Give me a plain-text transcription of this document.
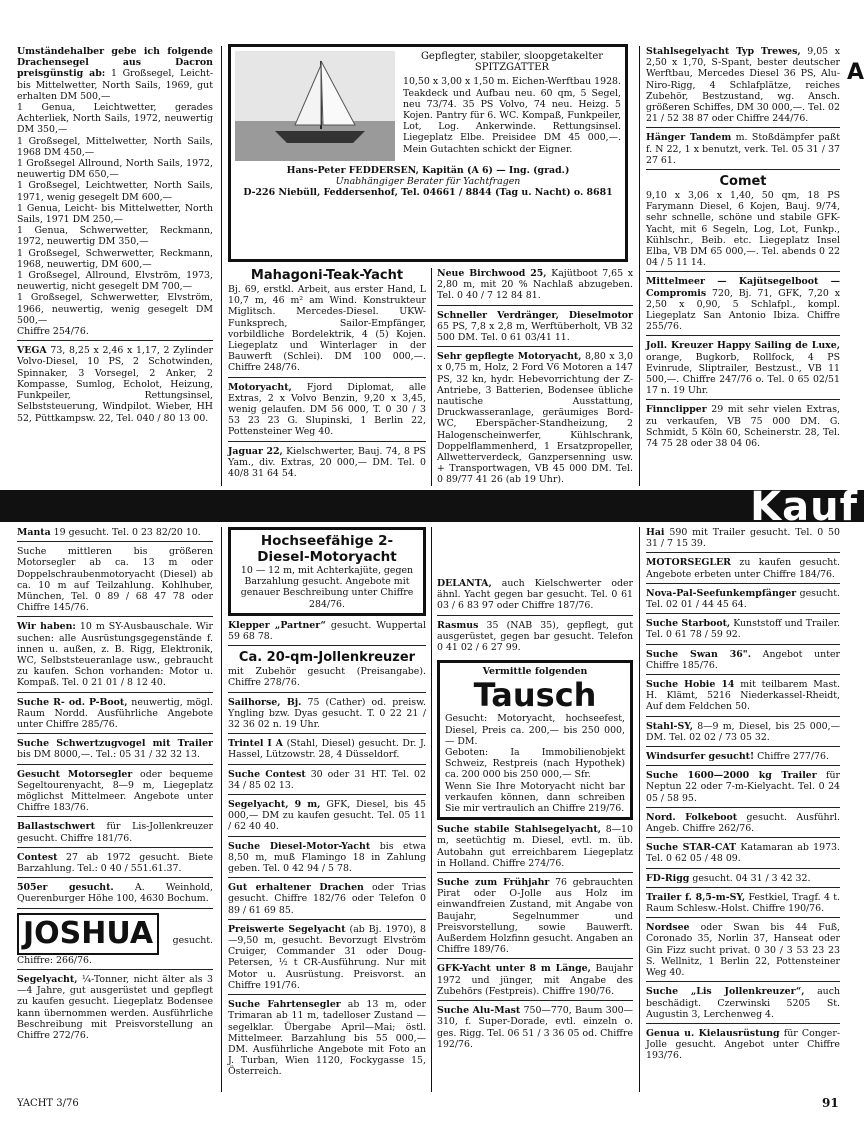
Umständehalber gebe ich folgende Drachensegel aus Dacron preisgünstig ab: 1 Großsegel, Leicht- bis Mittelwetter, North Sails, 1969, gut erhalten DM 500,—
1 Genua, Leichtwetter, gerades Achterliek, North Sails, 1972, neuwertig DM 350,—
1 Großsegel, Mittelwetter, North Sails, 1968 DM 450,—
1 Großsegel Allround, North Sails, 1972, neuwertig DM 650,—
1 Großsegel, Leichtwetter, North Sails, 1971, wenig gesegelt DM 600,—
1 Genua, Leicht- bis Mittelwetter, North Sails, 1971 DM 250,—
1 Genua, Schwerwetter, Reckmann, 1972, neuwertig DM 350,—
1 Großsegel, Schwerwetter, Reckmann, 1968, neuwertig, DM 600,—
1 Großsegel, Allround, Elvström, 1973, neuwertig, nicht gesegelt DM 700,—
1 Großsegel, Schwerwetter, Elvström, 1966, neuwertig, wenig gesegelt DM 500,—
Chiffre 254/76.
VEGA 73, 8,25 x 2,46 x 1,17, 2 Zylinder Volvo-Diesel, 10 PS, 2 Schotwinden, Spinnaker, 3 Vorsegel, 2 Anker, 2 Kompasse, Sumlog, Echolot, Heizung, Funkpeiler, Rettungsinsel, Selbststeuerung, Windpilot. Wieber, HH 52, Püttkampsw. 22, Tel. 040 / 80 13 00.
Gepflegter, stabiler, sloopgetakelter SPITZGATTER
10,50 x 3,00 x 1,50 m. Eichen-Werftbau 1928. Teakdeck und Aufbau neu. 60 qm, 5 Segel, neu 73/74. 35 PS Volvo, 74 neu. Heizg. 5 Kojen. Pantry für 6. WC. Kompaß, Funkpeiler, Lot, Log. Ankerwinde. Rettungsinsel. Liegeplatz Elbe. Preisidee DM 45 000,—. Mein Gutachten schickt der Eigner.
Hans-Peter FEDDERSEN, Kapitän (A 6) — Ing. (grad.)
Unabhängiger Berater für Yachtfragen
D-226 Niebüll, Feddersenhof, Tel. 04661 / 8844 (Tag u. Nacht) o. 8681
Mahagoni-Teak-Yacht
Bj. 69, erstkl. Arbeit, aus erster Hand, L 10,7 m, 46 m² am Wind. Konstrukteur Miglitsch. Mercedes-Diesel. UKW-Funksprech, Sailor-Empfänger, vorbildliche Bordelektrik, 4 (5) Kojen. Liegeplatz und Winterlager in der Bauwerft (Schlei). DM 100 000,—. Chiffre 248/76.
Motoryacht, Fjord Diplomat, alle Extras, 2 x Volvo Benzin, 9,20 x 3,45, wenig gelaufen. DM 56 000, T. 0 30 / 3 53 23 23 G. Slupinski, 1 Berlin 22, Pottensteiner Weg 40.
Jaguar 22, Kielschwerter, Bauj. 74, 8 PS Yam., div. Extras, 20 000,— DM. Tel. 0 40/8 31 64 54.
Neue Birchwood 25, Kajütboot 7,65 x 2,80 m, mit 20 % Nachlaß abzugeben. Tel. 0 40 / 7 12 84 81.
Schneller Verdränger, Dieselmotor 65 PS, 7,8 x 2,8 m, Werftüberholt, VB 32 500 DM. Tel. 0 61 03/41 11.
Sehr gepflegte Motoryacht, 8,80 x 3,0 x 0,75 m, Holz, 2 Ford V6 Motoren a 147 PS, 32 kn, hydr. Hebevorrichtung der Z-Antriebe, 3 Batterien, Bodensee übliche nautische Ausstattung, Druckwasseranlage, geräumiges Bord-WC, Eberspächer-Standheizung, 2 Halogenscheinwerfer, Kühlschrank, Doppelflammenherd, 1 Ersatzpropeller, Allwetterverdeck, Ganzpersenning usw. + Transportwagen, VB 45 000 DM. Tel. 0 89/77 41 26 (ab 19 Uhr).
Stahlsegelyacht Typ Trewes, 9,05 x 2,50 x 1,70, S-Spant, bester deutscher Werftbau, Mercedes Diesel 36 PS, Alu-Niro-Rigg, 4 Schlafplätze, reiches Zubehör, Bestzustand, wg. Ansch. größeren Schiffes, DM 30 000,—. Tel. 02 21 / 52 38 87 oder Chiffre 244/76.
Hänger Tandem m. Stoßdämpfer paßt f. N 22, 1 x benutzt, verk. Tel. 05 31 / 37 27 61.
Comet
9,10 x 3,06 x 1,40, 50 qm, 18 PS Farymann Diesel, 6 Kojen, Bauj. 9/74, sehr schnelle, schöne und stabile GFK-Yacht, mit 6 Segeln, Log, Lot, Funkp., Kühlschr., Beib. etc. Liegeplatz Insel Elba, VB DM 65 000,—. Tel. abends 0 22 04 / 5 11 14.
Mittelmeer — Kajütsegelboot — Compromis 720, Bj. 71, GFK, 7,20 x 2,50 x 0,90, 5 Schlafpl., kompl. Liegeplatz San Antonio Ibiza. Chiffre 255/76.
Joll. Kreuzer Happy Sailing de Luxe, orange, Bugkorb, Rollfock, 4 PS Evinrude, Sliptrailer, Bestzust., VB 11 500,—. Chiffre 247/76 o. Tel. 0 65 02/51 17 n. 19 Uhr.
Finnclipper 29 mit sehr vielen Extras, zu verkaufen, VB 75 000 DM. G. Schmidt, 5 Köln 60, Scheinerstr. 28, Tel. 74 75 28 oder 38 04 06.
A
Kauf
Manta 19 gesucht. Tel. 0 23 82/20 10.
Suche mittleren bis größeren Motorsegler ab ca. 13 m oder Doppelschraubenmotoryacht (Diesel) ab ca. 10 m auf Teilzahlung. Kohlhuber, München, Tel. 0 89 / 68 47 78 oder Chiffre 145/76.
Wir haben: 10 m SY-Ausbauschale. Wir suchen: alle Ausrüstungsgegenstände f. innen u. außen, z. B. Rigg, Elektronik, WC, Selbststeueranlage usw., gebraucht zu kaufen. Schon vorhanden: Motor u. Kompaß. Tel. 0 21 01 / 8 12 40.
Suche R- od. P-Boot, neuwertig, mögl. Raum Nordd. Ausführliche Angebote unter Chiffre 285/76.
Suche Schwertzugvogel mit Trailer bis DM 8000,—. Tel.: 05 31 / 32 32 13.
Gesucht Motorsegler oder bequeme Segeltourenyacht, 8—9 m, Liegeplatz möglichst Mittelmeer. Angebote unter Chiffre 183/76.
Ballastschwert für Lis-Jollenkreuzer gesucht. Chiffre 181/76.
Contest 27 ab 1972 gesucht. Biete Barzahlung. Tel.: 0 40 / 551.61.37.
505er gesucht. A. Weinhold, Querenburger Höhe 100, 4630 Bochum.
JOSHUA gesucht. Chiffre: 266/76.
Segelyacht, ¼-Tonner, nicht älter als 3—4 Jahre, gut ausgerüstet und gepflegt zu kaufen gesucht. Liegeplatz Bodensee kann übernommen werden. Ausführliche Beschreibung mit Preisvorstellung an Chiffre 272/76.
Hochseefähige 2-Diesel-Motoryacht
10 — 12 m, mit Achterkajüte, gegen Barzahlung gesucht. Angebote mit genauer Beschreibung unter Chiffre 284/76.
Klepper „Partner“ gesucht. Wuppertal 59 68 78.
Ca. 20-qm-Jollenkreuzer
mit Zubehör gesucht (Preisangabe). Chiffre 278/76.
Sailhorse, Bj. 75 (Cather) od. preisw. Yngling bzw. Dyas gesucht. T. 0 22 21 / 32 36 02 n. 19 Uhr.
Trintel I A (Stahl, Diesel) gesucht. Dr. J. Hassel, Lützowstr. 28, 4 Düsseldorf.
Suche Contest 30 oder 31 HT. Tel. 02 34 / 85 02 13.
Segelyacht, 9 m, GFK, Diesel, bis 45 000,— DM zu kaufen gesucht. Tel. 05 11 / 62 40 40.
Suche Diesel-Motor-Yacht bis etwa 8,50 m, muß Flamingo 18 in Zahlung geben. Tel. 0 42 94 / 5 78.
Gut erhaltener Drachen oder Trias gesucht. Chiffre 182/76 oder Telefon 0 89 / 61 69 85.
Preiswerte Segelyacht (ab Bj. 1970), 8—9,50 m, gesucht. Bevorzugt Elvström Cruiger, Commander 31 oder Doug-Petersen, ½ t CR-Ausführung. Nur mit Motor u. Ausrüstung. Preisvorst. an Chiffre 191/76.
Suche Fahrtensegler ab 13 m, oder Trimaran ab 11 m, tadelloser Zustand — segelklar. Übergabe April—Mai; östl. Mittelmeer. Barzahlung bis 55 000,— DM. Ausführliche Angebote mit Foto an J. Turban, Wien 1120, Fockygasse 15, Österreich.
DELANTA, auch Kielschwerter oder ähnl. Yacht gegen bar gesucht. Tel. 0 61 03 / 6 83 97 oder Chiffre 187/76.
Rasmus 35 (NAB 35), gepflegt, gut ausgerüstet, gegen bar gesucht. Telefon 0 41 02 / 6 27 99.
Vermittle folgenden
Tausch
Gesucht: Motoryacht, hochseefest, Diesel, Preis ca. 200,— bis 250 000,— DM.
Geboten: Ia Immobilienobjekt Schweiz, Restpreis (nach Hypothek) ca. 200 000 bis 250 000,— Sfr.
Wenn Sie Ihre Motoryacht nicht bar verkaufen können, dann schreiben Sie mir vertraulich an Chiffre 219/76.
Suche stabile Stahlsegelyacht, 8—10 m, seetüchtig m. Diesel, evtl. m. üb. Autobahn gut erreichbarem Liegeplatz in Holland. Chiffre 274/76.
Suche zum Frühjahr 76 gebrauchten Pirat oder O-Jolle aus Holz im einwandfreien Zustand, mit Angabe von Baujahr, Segelnummer und Preisvorstellung, sowie Bauwerft. Außerdem Holzfinn gesucht. Angaben an Chiffre 189/76.
GFK-Yacht unter 8 m Länge, Baujahr 1972 und jünger, mit Angabe des Zubehörs (Festpreis). Chiffre 190/76.
Suche Alu-Mast 750—770, Baum 300—310, f. Super-Dorade, evtl. einzeln o. ges. Rigg. Tel. 06 51 / 3 36 05 od. Chiffre 192/76.
Hai 590 mit Trailer gesucht. Tel. 0 50 31 / 7 15 39.
MOTORSEGLER zu kaufen gesucht. Angebote erbeten unter Chiffre 184/76.
Nova-Pal-Seefunkempfänger gesucht. Tel. 02 01 / 44 45 64.
Suche Starboot, Kunststoff und Trailer. Tel. 0 61 78 / 59 92.
Suche Swan 36". Angebot unter Chiffre 185/76.
Suche Hobie 14 mit teilbarem Mast. H. Klämt, 5216 Niederkassel-Rheidt, Auf dem Feldchen 50.
Stahl-SY, 8—9 m, Diesel, bis 25 000,— DM. Tel. 02 02 / 73 05 32.
Windsurfer gesucht! Chiffre 277/76.
Suche 1600—2000 kg Trailer für Neptun 22 oder 7-m-Kielyacht. Tel. 0 24 05 / 58 95.
Nord. Folkeboot gesucht. Ausführl. Angeb. Chiffre 262/76.
Suche STAR-CAT Katamaran ab 1973. Tel. 0 62 05 / 48 09.
FD-Rigg gesucht. 04 31 / 3 42 32.
Trailer f. 8,5-m-SY, Festkiel, Tragf. 4 t. Raum Schlesw.-Holst. Chiffre 190/76.
Nordsee oder Swan bis 44 Fuß, Coronado 35, Norlin 37, Hanseat oder Gin Fizz sucht privat. 0 30 / 3 53 23 23 S. Wellnitz, 1 Berlin 22, Pottensteiner Weg 40.
Suche „Lis Jollenkreuzer“, auch beschädigt. Czerwinski 5205 St. Augustin 3, Lerchenweg 4.
Genua u. Kielausrüstung für Conger-Jolle gesucht. Angebot unter Chiffre 193/76.
YACHT 3/76	91
